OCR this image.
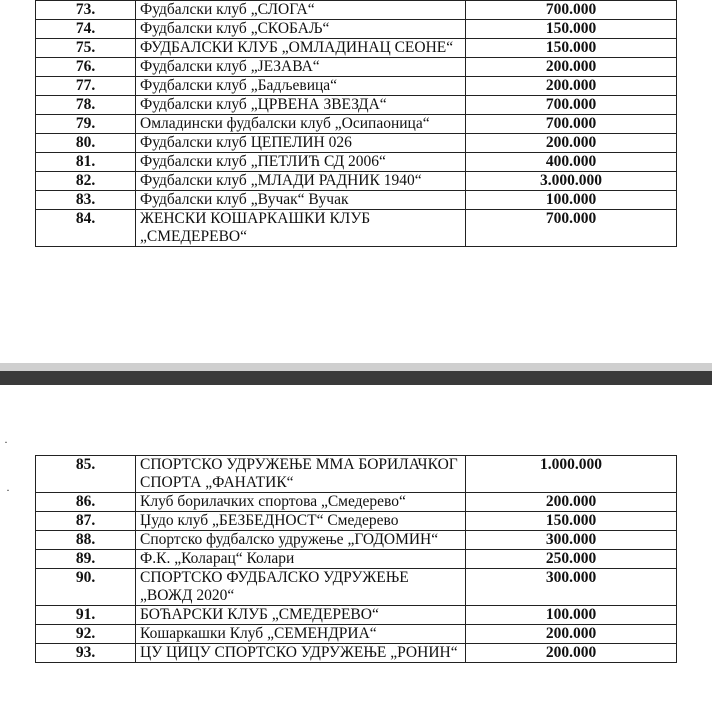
73.	Фудбалски клуб „СЛОГА“	700.000
74.	Фудбалски клуб „СКОБАЉ“	150.000
75.	ФУДБАЛСКИ КЛУБ „ОМЛАДИНАЦ СЕОНЕ“	150.000
76.	Фудбалски клуб „ЈЕЗАВА“	200.000
77.	Фудбалски клуб „Бадљевица“	200.000
78.	Фудбалски клуб „ЦРВЕНА ЗВЕЗДА“	700.000
79.	Омладински фудбалски клуб „Осипаоница“	700.000
80.	Фудбалски клуб ЦЕПЕЛИН 026	200.000
81.	Фудбалски клуб „ПЕТЛИЋ СД 2006“	400.000
82.	Фудбалски клуб „МЛАДИ РАДНИК 1940“	3.000.000
83.	Фудбалски клуб „Вучак“ Вучак	100.000
84.	ЖЕНСКИ КОШАРКАШКИ КЛУБ „СМЕДЕРЕВО“	700.000
·
·
85.	СПОРТСКО УДРУЖЕЊЕ ММА БОРИЛАЧКОГ СПОРТА „ФАНАТИК“	1.000.000
86.	Клуб борилачких спортова „Смедерево“	200.000
87.	Џудо клуб „БЕЗБЕДНОСТ“ Смедерево	150.000
88.	Спортско фудбалско удружење „ГОДОМИН“	300.000
89.	Ф.К. „Коларац“ Колари	250.000
90.	СПОРТСКО ФУДБАЛСКО УДРУЖЕЊЕ „ВОЖД 2020“	300.000
91.	БОЋАРСКИ КЛУБ „СМЕДЕРЕВО“	100.000
92.	Кошаркашки Клуб „СЕМЕНДРИА“	200.000
93.	ЦУ ЦИЦУ СПОРТСКО УДРУЖЕЊЕ „РОНИН“	200.000
